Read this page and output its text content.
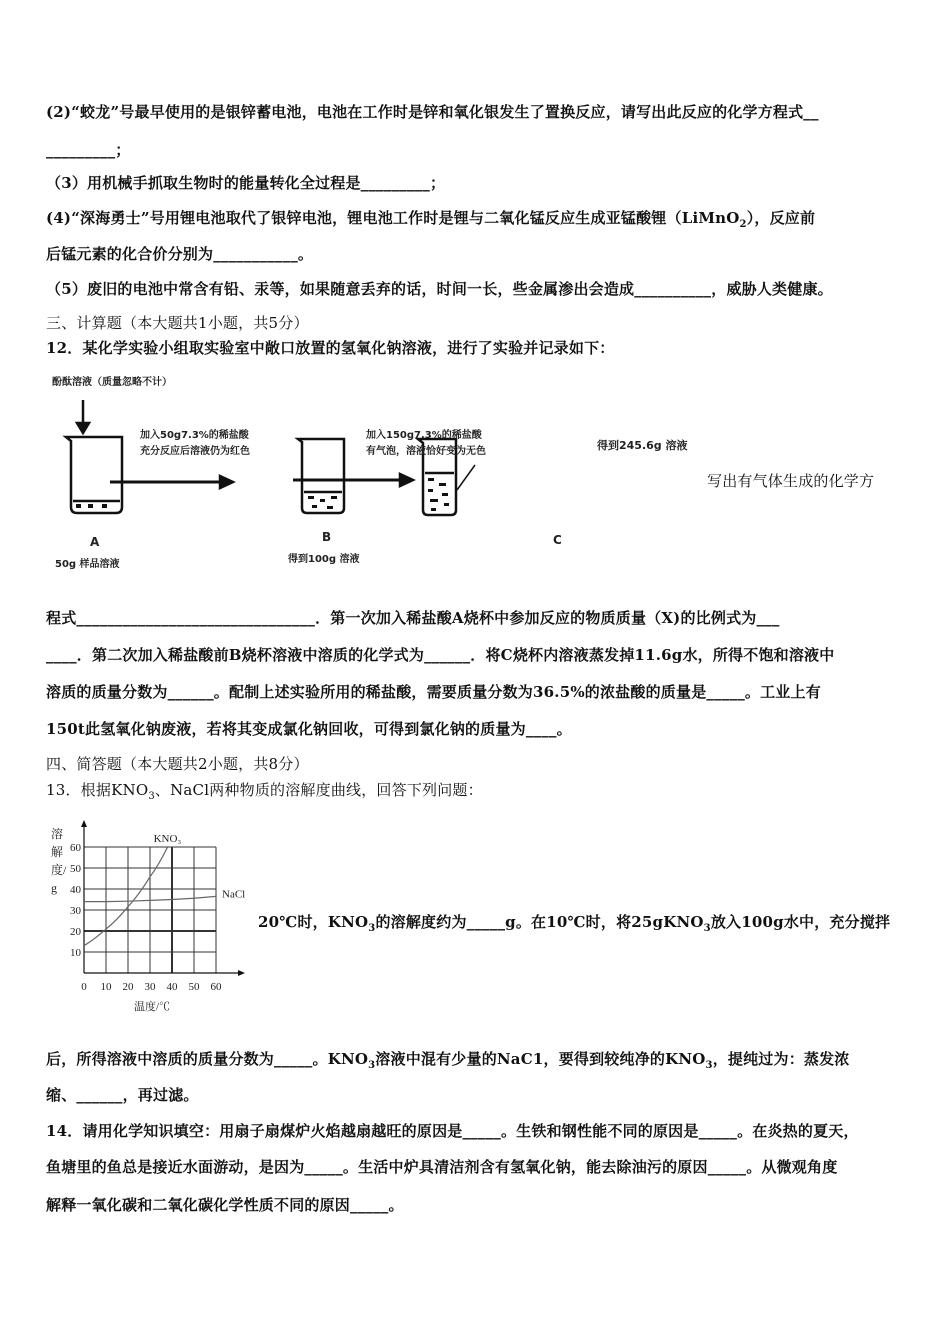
(2)“蛟龙”号最早使用的是银锌蓄电池，电池在工作时是锌和氧化银发生了置换反应，请写出此反应的化学方程式__
_________；
（3）用机械手抓取生物时的能量转化全过程是_________；
(4)“深海勇士”号用锂电池取代了银锌电池，锂电池工作时是锂与二氧化锰反应生成亚锰酸锂（LiMnO$_2$），反应前
后锰元素的化合价分别为___________。
（5）废旧的电池中常含有铅、汞等，如果随意丢弃的话，时间一长，些金属渗出会造成__________，威胁人类健康。
三、计算题（本大题共1小题，共5分）
12．某化学实验小组取实验室中敞口放置的氢氧化钠溶液，进行了实验并记录如下：
酚酞溶液（质量忽略不计）
加入50g7.3%的稀盐酸
充分反应后溶液仍为红色
加入150g7.3%的稀盐酸
有气泡，溶液恰好变为无色	得到245.6g 溶液
A
50g 样品溶液
B
得到100g 溶液
C
写出有气体生成的化学方
程式_______________________________．第一次加入稀盐酸A烧杯中参加反应的物质质量（X)的比例式为___
____．第二次加入稀盐酸前B烧杯溶液中溶质的化学式为______．将C烧杯内溶液蒸发掉11.6g水，所得不饱和溶液中
溶质的质量分数为______。配制上述实验所用的稀盐酸，需要质量分数为36.5%的浓盐酸的质量是_____。工业上有
150t此氢氧化钠废液，若将其变成氯化钠回收，可得到氯化钠的质量为____。
四、简答题（本大题共2小题，共8分）
13．根据$KNO_3$、NaCl两种物质的溶解度曲线，回答下列问题：
0 10 20 30 40 50 60
10
20
30
40
50
60
温度/℃
KNO₃
NaCl
溶解度/g
20℃时，$KNO_3$的溶解度约为_____g。在10℃时，将25gKNO$_3$放入100g水中，充分搅拌
后，所得溶液中溶质的质量分数为_____。$KNO_3$溶液中混有少量的NaC1，要得到较纯净的$KNO_3$，提纯过为：蒸发浓
缩、______，再过滤。
14．请用化学知识填空：用扇子扇煤炉火焰越扇越旺的原因是_____。生铁和钢性能不同的原因是_____。在炎热的夏天，
鱼塘里的鱼总是接近水面游动，是因为_____。生活中炉具清洁剂含有氢氧化钠，能去除油污的原因_____。从微观角度
解释一氧化碳和二氧化碳化学性质不同的原因_____。
